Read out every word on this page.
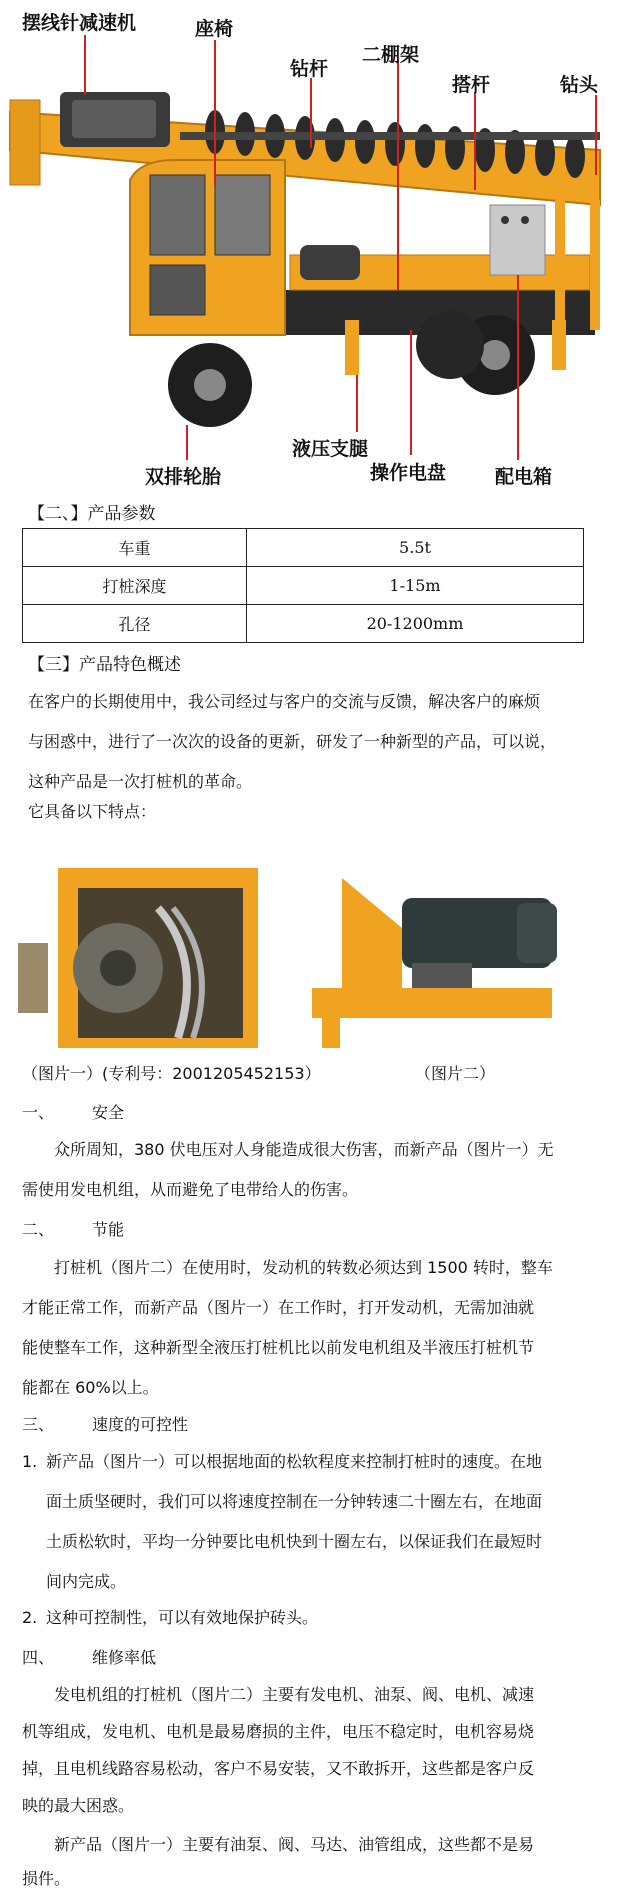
摆线针减速机	座椅
钻杆
二棚架
搭杆	钻头
双排轮胎
液压支腿
操作电盘	配电箱
【二、】产品参数
车重	5.5t
打桩深度	1-15m
孔径	20-1200mm
【三】产品特色概述
在客户的长期使用中，我公司经过与客户的交流与反馈，解决客户的麻烦
与困惑中，进行了一次次的设备的更新，研发了一种新型的产品，可以说，
这种产品是一次打桩机的革命。
它具备以下特点：
（图片一）(专利号：2001205452153）	（图片二）
一、 安全
众所周知，380 伏电压对人身能造成很大伤害，而新产品（图片一）无
需使用发电机组，从而避免了电带给人的伤害。
二、 节能
打桩机（图片二）在使用时，发动机的转数必须达到 1500 转时，整车
才能正常工作，而新产品（图片一）在工作时，打开发动机，无需加油就
能使整车工作，这种新型全液压打桩机比以前发电机组及半液压打桩机节
能都在 60%以上。
三、 速度的可控性
1. 新产品（图片一）可以根据地面的松软程度来控制打桩时的速度。在地
面土质坚硬时，我们可以将速度控制在一分钟转速二十圈左右，在地面
土质松软时，平均一分钟要比电机快到十圈左右，以保证我们在最短时
间内完成。
2. 这种可控制性，可以有效地保护砖头。
四、 维修率低
发电机组的打桩机（图片二）主要有发电机、油泵、阀、电机、减速
机等组成，发电机、电机是最易磨损的主件，电压不稳定时，电机容易烧
掉，且电机线路容易松动，客户不易安装，又不敢拆开，这些都是客户反
映的最大困惑。
新产品（图片一）主要有油泵、阀、马达、油管组成，这些都不是易
损件。
